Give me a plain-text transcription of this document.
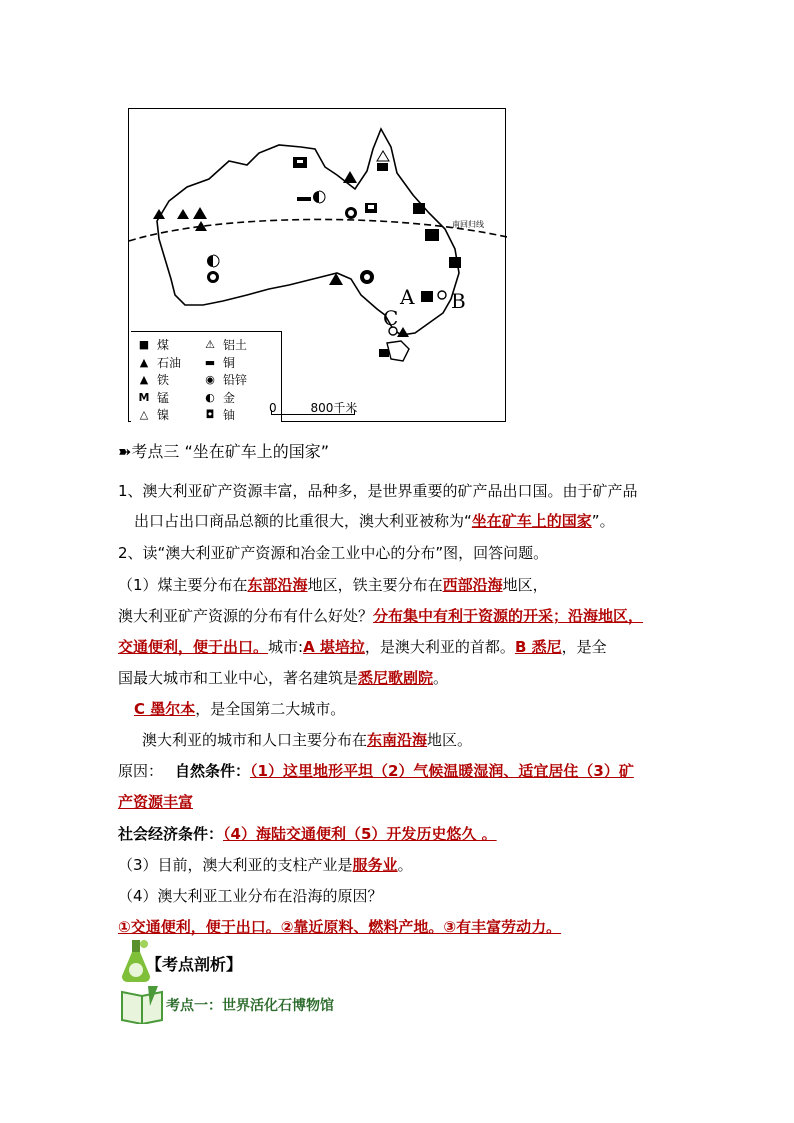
南回归线
A B
C
■ 煤
▲ 石油
▲ 铁
M 锰
△ 镍
⚠ 铝土
▬ 铜
◉ 铅锌
◐ 金
◘ 铀
0	800千米
➽考点三 “坐在矿车上的国家”
1、澳大利亚矿产资源丰富，品种多，是世界重要的矿产品出口国。由于矿产品
出口占出口商品总额的比重很大，澳大利亚被称为“坐在矿车上的国家”。
2、读“澳大利亚矿产资源和冶金工业中心的分布”图，回答问题。
（1）煤主要分布在东部沿海地区，铁主要分布在西部沿海地区，
澳大利亚矿产资源的分布有什么好处？分布集中有利于资源的开采；沿海地区，
交通便利，便于出口。城市:A 堪培拉，是澳大利亚的首都。B 悉尼，是全
国最大城市和工业中心，著名建筑是悉尼歌剧院。
C 墨尔本，是全国第二大城市。
澳大利亚的城市和人口主要分布在东南沿海地区。
原因： 自然条件：（1）这里地形平坦（2）气候温暖湿润、适宜居住（3）矿
产资源丰富
社会经济条件：（4）海陆交通便利（5）开发历史悠久 。
（3）目前，澳大利亚的支柱产业是服务业。
（4）澳大利亚工业分布在沿海的原因？
①交通便利，便于出口。②靠近原料、燃料产地。③有丰富劳动力。
【考点剖析】
考点一：世界活化石博物馆
